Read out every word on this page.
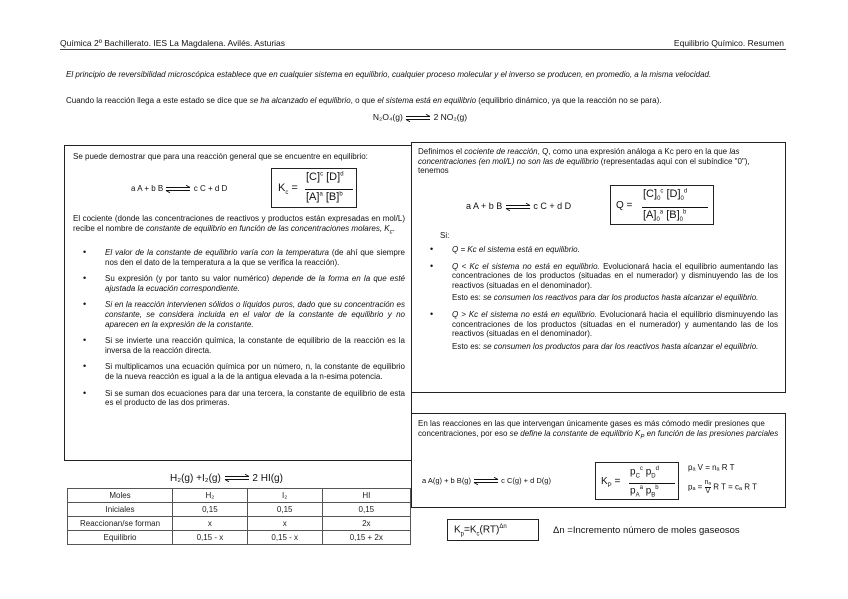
Química 2º Bachillerato. IES La Magdalena. Avilés. Asturias	Equilibrio Químico. Resumen
El principio de reversibilidad microscópica establece que en cualquier sistema en equilibrio, cualquier proceso molecular y el inverso se producen, en promedio, a la misma velocidad.
Cuando la reacción llega a este estado se dice que se ha alcanzado el equilibrio, o que el sistema está en equilibrio (equilibrio dinámico, ya que la reacción no se para).
N₂O₄(g) ⇌ 2 NO₂(g)
Se puede demostrar que para una reacción general que se encuentre en equilibrio:
a A + b B ⇌ c C + d D	$K_c$ =
$[C]^c$ $[D]^d$
$[A]^a$ $[B]^b$
El cociente (donde las concentraciones de reactivos y productos están expresadas en mol/L) recibe el nombre de constante de equilibrio en función de las concentraciones molares, $K_c$.
• El valor de la constante de equilibrio varía con la temperatura (de ahí que siempre nos den el dato de la temperatura a la que se verifica la reacción).
• Su expresión (y por tanto su valor numérico) depende de la forma en la que esté ajustada la ecuación correspondiente.
• Si en la reacción intervienen sólidos o líquidos puros, dado que su concentración es constante, se considera incluida en el valor de la constante de equilibrio y no aparecen en la expresión de la constante.
• Si se invierte una reacción química, la constante de equilibrio de la reacción es la inversa de la reacción directa.
• Si multiplicamos una ecuación química por un número, n, la constante de equilibrio de la nueva reacción es igual a la de la antigua elevada a la n-esima potencia.
• Si se suman dos ecuaciones para dar una tercera, la constante de equilibrio de esta es el producto de las dos primeras.
Definimos el cociente de reacción, Q, como una expresión análoga a Kc pero en la que las concentraciones (en mol/L) no son las de equilibrio (representadas aquí con el subíndice "0"), tenemos
a A + b B ⇌ c C + d D	Q =
$[C]_0^c$ $[D]_0^d$
$[A]_0^a$ $[B]_0^b$
Si:
• Q = Kc el sistema está en equilibrio.
• Q < Kc el sistema no está en equilibrio. Evolucionará hacia el equilibrio aumentando las concentraciones de los productos (situadas en el numerador) y disminuyendo las de los reactivos (situadas en el denominador).
Esto es: se consumen los reactivos para dar los productos hasta alcanzar el equilibrio.
• Q > Kc el sistema no está en equilibrio. Evolucionará hacia el equilibrio disminuyendo las concentraciones de los productos (situadas en el numerador) y aumentando las de los reactivos (situadas en el denominador).
Esto es: se consumen los productos para dar los reactivos hasta alcanzar el equilibrio.
En las reacciones en las que intervengan únicamente gases es más cómodo medir presiones que concentraciones, por eso se define la constante de equilibrio $K_P$ en función de las presiones parciales
a A(g) + b B(g) ⇌ c C(g) + d D(g)	$K_P$ =
$p_C^c$ $p_D^d$
$p_A^a$ $p_B^b$
pₐ V = nₐ R T
$p_a = \frac{\text{nₐ}}{V}$ R T = cₐ R T
$K_p=K_c(RT)^{\Delta n}$	Δn =Incremento número de moles gaseosos
H₂(g) +I₂(g) ⇌ 2 HI(g)
Moles	H₂	I₂	HI
Iniciales	0,15	0,15	0,15
Reaccionan/se forman	x	x	2x
Equilibrio	0,15 - x	0,15 - x	0,15 + 2x
